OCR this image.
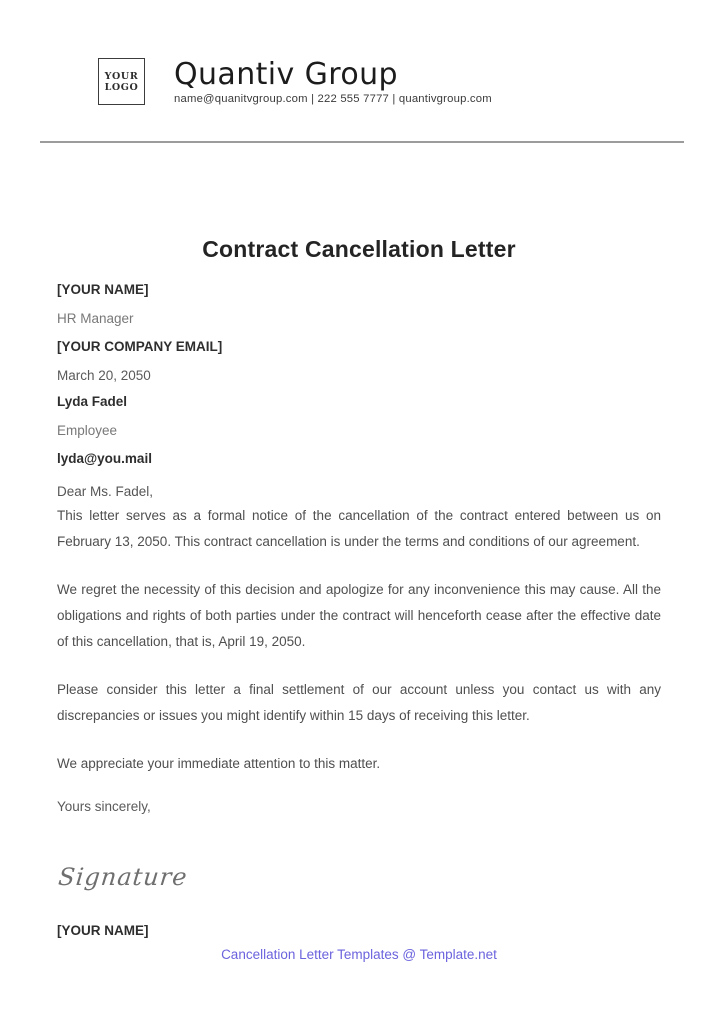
YOUR
LOGO Quantiv Group
name@quanitvgroup.com | 222 555 7777 | quantivgroup.com
Contract Cancellation Letter
[YOUR NAME]
HR Manager
[YOUR COMPANY EMAIL]
March 20, 2050
Lyda Fadel
Employee
lyda@you.mail
Dear Ms. Fadel,

This letter serves as a formal notice of the cancellation of the contract entered between us on February 13, 2050. This contract cancellation is under the terms and conditions of our agreement.

We regret the necessity of this decision and apologize for any inconvenience this may cause. All the obligations and rights of both parties under the contract will henceforth cease after the effective date of this cancellation, that is, April 19, 2050.

Please consider this letter a final settlement of our account unless you contact us with any discrepancies or issues you might identify within 15 days of receiving this letter.

We appreciate your immediate attention to this matter.

Yours sincerely,
Signature
[YOUR NAME]
Cancellation Letter Templates @ Template.net
